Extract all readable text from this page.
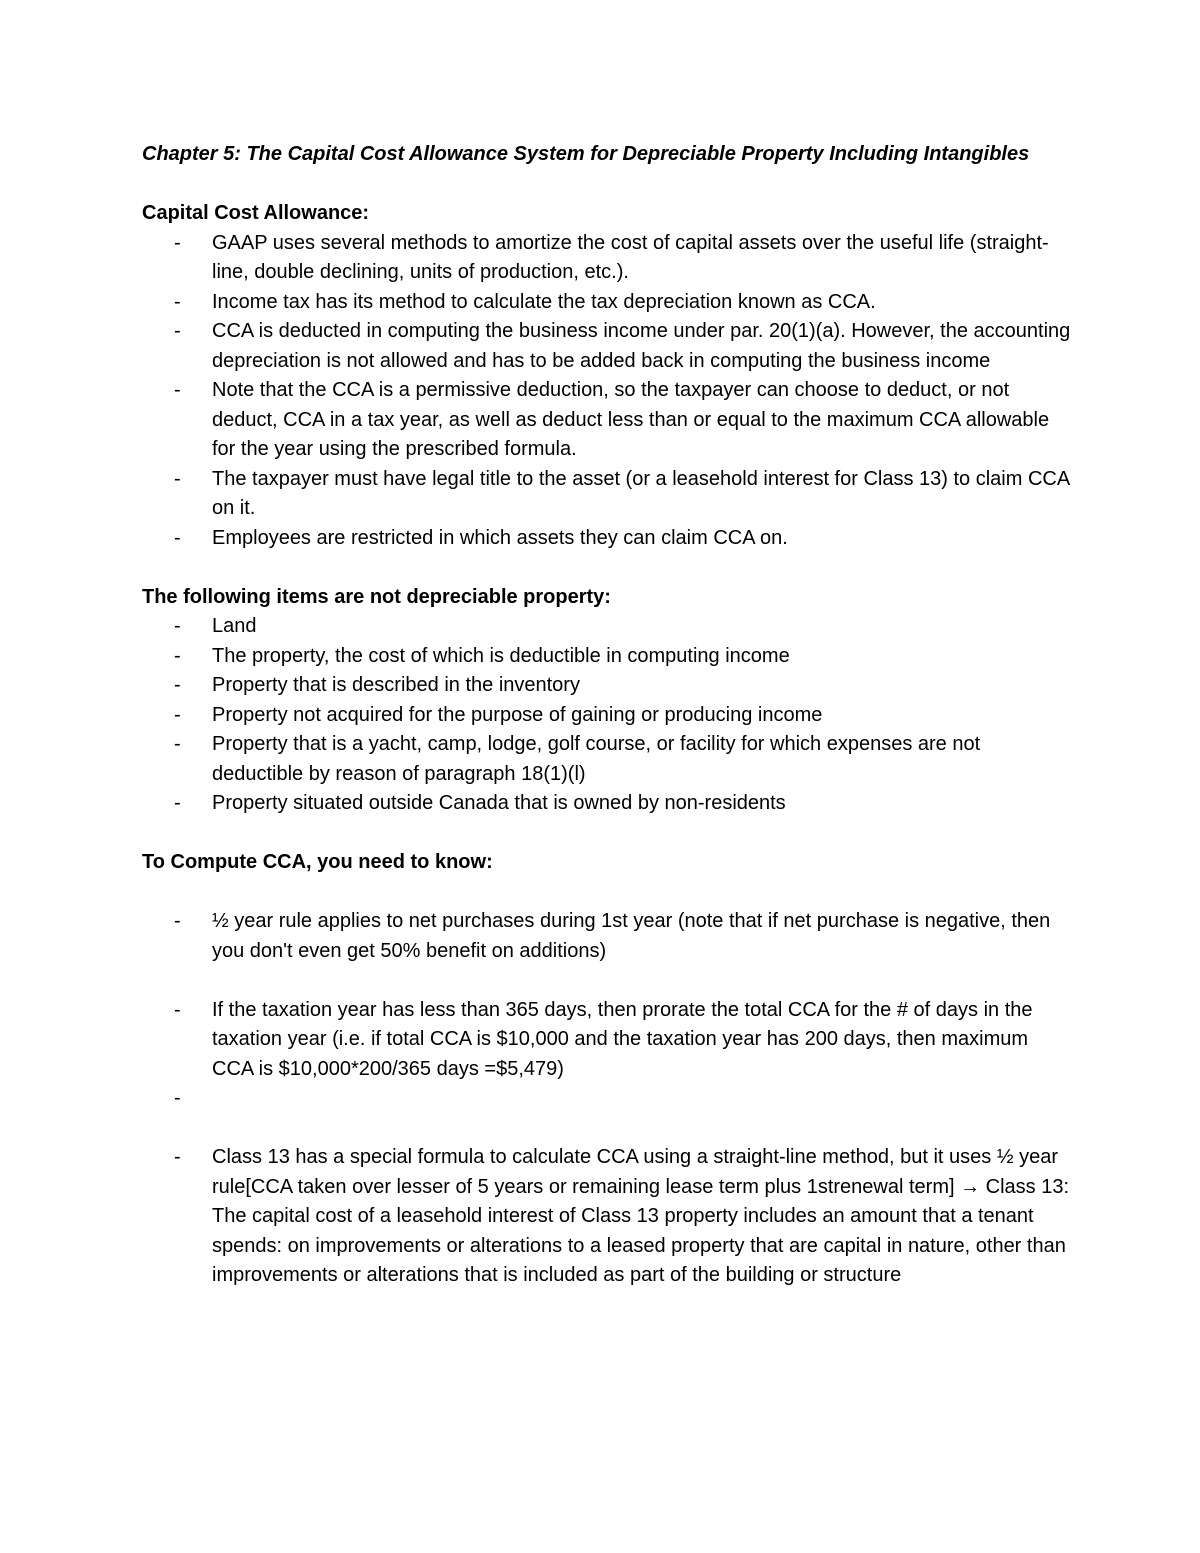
Chapter 5: The Capital Cost Allowance System for Depreciable Property Including Intangibles

Capital Cost Allowance:

- GAAP uses several methods to amortize the cost of capital assets over the useful life (straight-line, double declining, units of production, etc.).
- Income tax has its method to calculate the tax depreciation known as CCA.
- CCA is deducted in computing the business income under par. 20(1)(a). However, the accounting depreciation is not allowed and has to be added back in computing the business income
- Note that the CCA is a permissive deduction, so the taxpayer can choose to deduct, or not deduct, CCA in a tax year, as well as deduct less than or equal to the maximum CCA allowable for the year using the prescribed formula.
- The taxpayer must have legal title to the asset (or a leasehold interest for Class 13) to claim CCA on it.
- Employees are restricted in which assets they can claim CCA on.

The following items are not depreciable property:

- Land
- The property, the cost of which is deductible in computing income
- Property that is described in the inventory
- Property not acquired for the purpose of gaining or producing income
- Property that is a yacht, camp, lodge, golf course, or facility for which expenses are not deductible by reason of paragraph 18(1)(l)
- Property situated outside Canada that is owned by non-residents

To Compute CCA, you need to know:

- ½ year rule applies to net purchases during 1st year (note that if net purchase is negative, then you don't even get 50% benefit on additions)
- If the taxation year has less than 365 days, then prorate the total CCA for the # of days in the taxation year (i.e. if total CCA is $10,000 and the taxation year has 200 days, then maximum CCA is $10,000*200/365 days =$5,479)
-
- Class 13 has a special formula to calculate CCA using a straight-line method, but it uses ½ year rule[CCA taken over lesser of 5 years or remaining lease term plus 1strenewal term] → Class 13: The capital cost of a leasehold interest of Class 13 property includes an amount that a tenant spends: on improvements or alterations to a leased property that are capital in nature, other than improvements or alterations that is included as part of the building or structure
